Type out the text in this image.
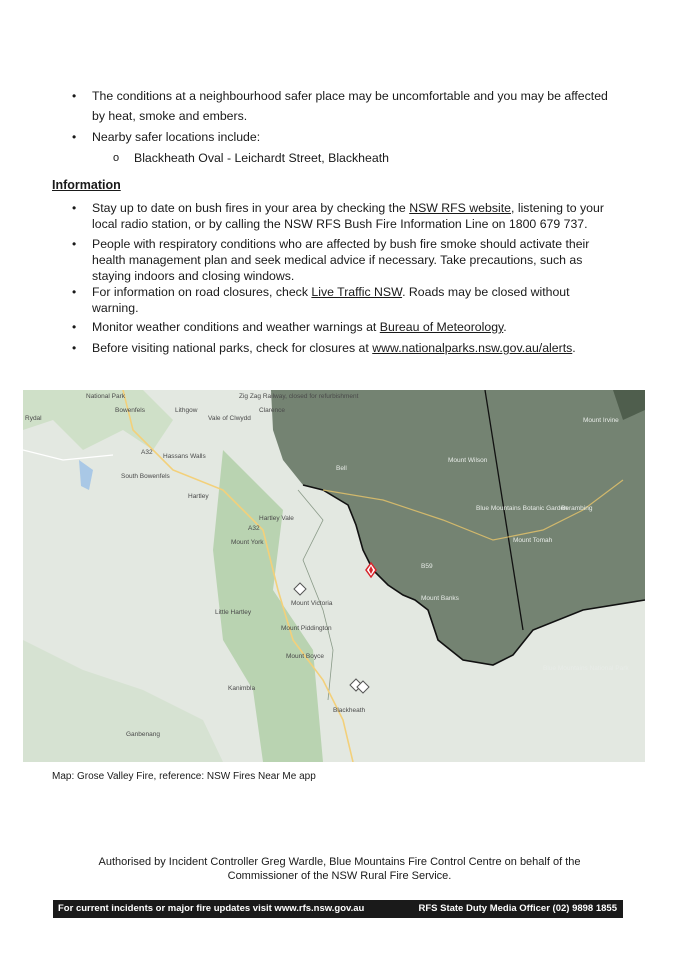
• The conditions at a neighbourhood safer place may be uncomfortable and you may be affected
by heat, smoke and embers.
• Nearby safer locations include:
o Blackheath Oval - Leichardt Street, Blackheath
Information
• Stay up to date on bush fires in your area by checking the NSW RFS website, listening to your
local radio station, or by calling the NSW RFS Bush Fire Information Line on 1800 679 737.
• People with respiratory conditions who are affected by bush fire smoke should activate their
health management plan and seek medical advice if necessary. Take precautions, such as
staying indoors and closing windows.
• For information on road closures, check Live Traffic NSW. Roads may be closed without
warning.
• Monitor weather conditions and weather warnings at Bureau of Meteorology.
• Before visiting national parks, check for closures at www.nationalparks.nsw.gov.au/alerts.
National Park
Rydal
Bowenfels	Lithgow
Vale of Clwydd
Clarence
Zig Zag Railway, closed for refurbishment
Hassans Walls
South Bowenfels
Hartley
Bell
Mount Wilson
Mount Irvine
Hartley Vale
Mount York
Blue Mountains Botanic Garden
Berambing
Mount Tomah
Mount Victoria
Mount Banks
Little Hartley
Mount Piddington
Mount Boyce
Blue Mountains National Park
Blackheath
Kanimbla
Ganbenang
A32
A32
B59
Map: Grose Valley Fire, reference: NSW Fires Near Me app
Authorised by Incident Controller Greg Wardle, Blue Mountains Fire Control Centre on behalf of the
Commissioner of the NSW Rural Fire Service.
For current incidents or major fire updates visit www.rfs.nsw.gov.au	RFS State Duty Media Officer (02) 9898 1855
